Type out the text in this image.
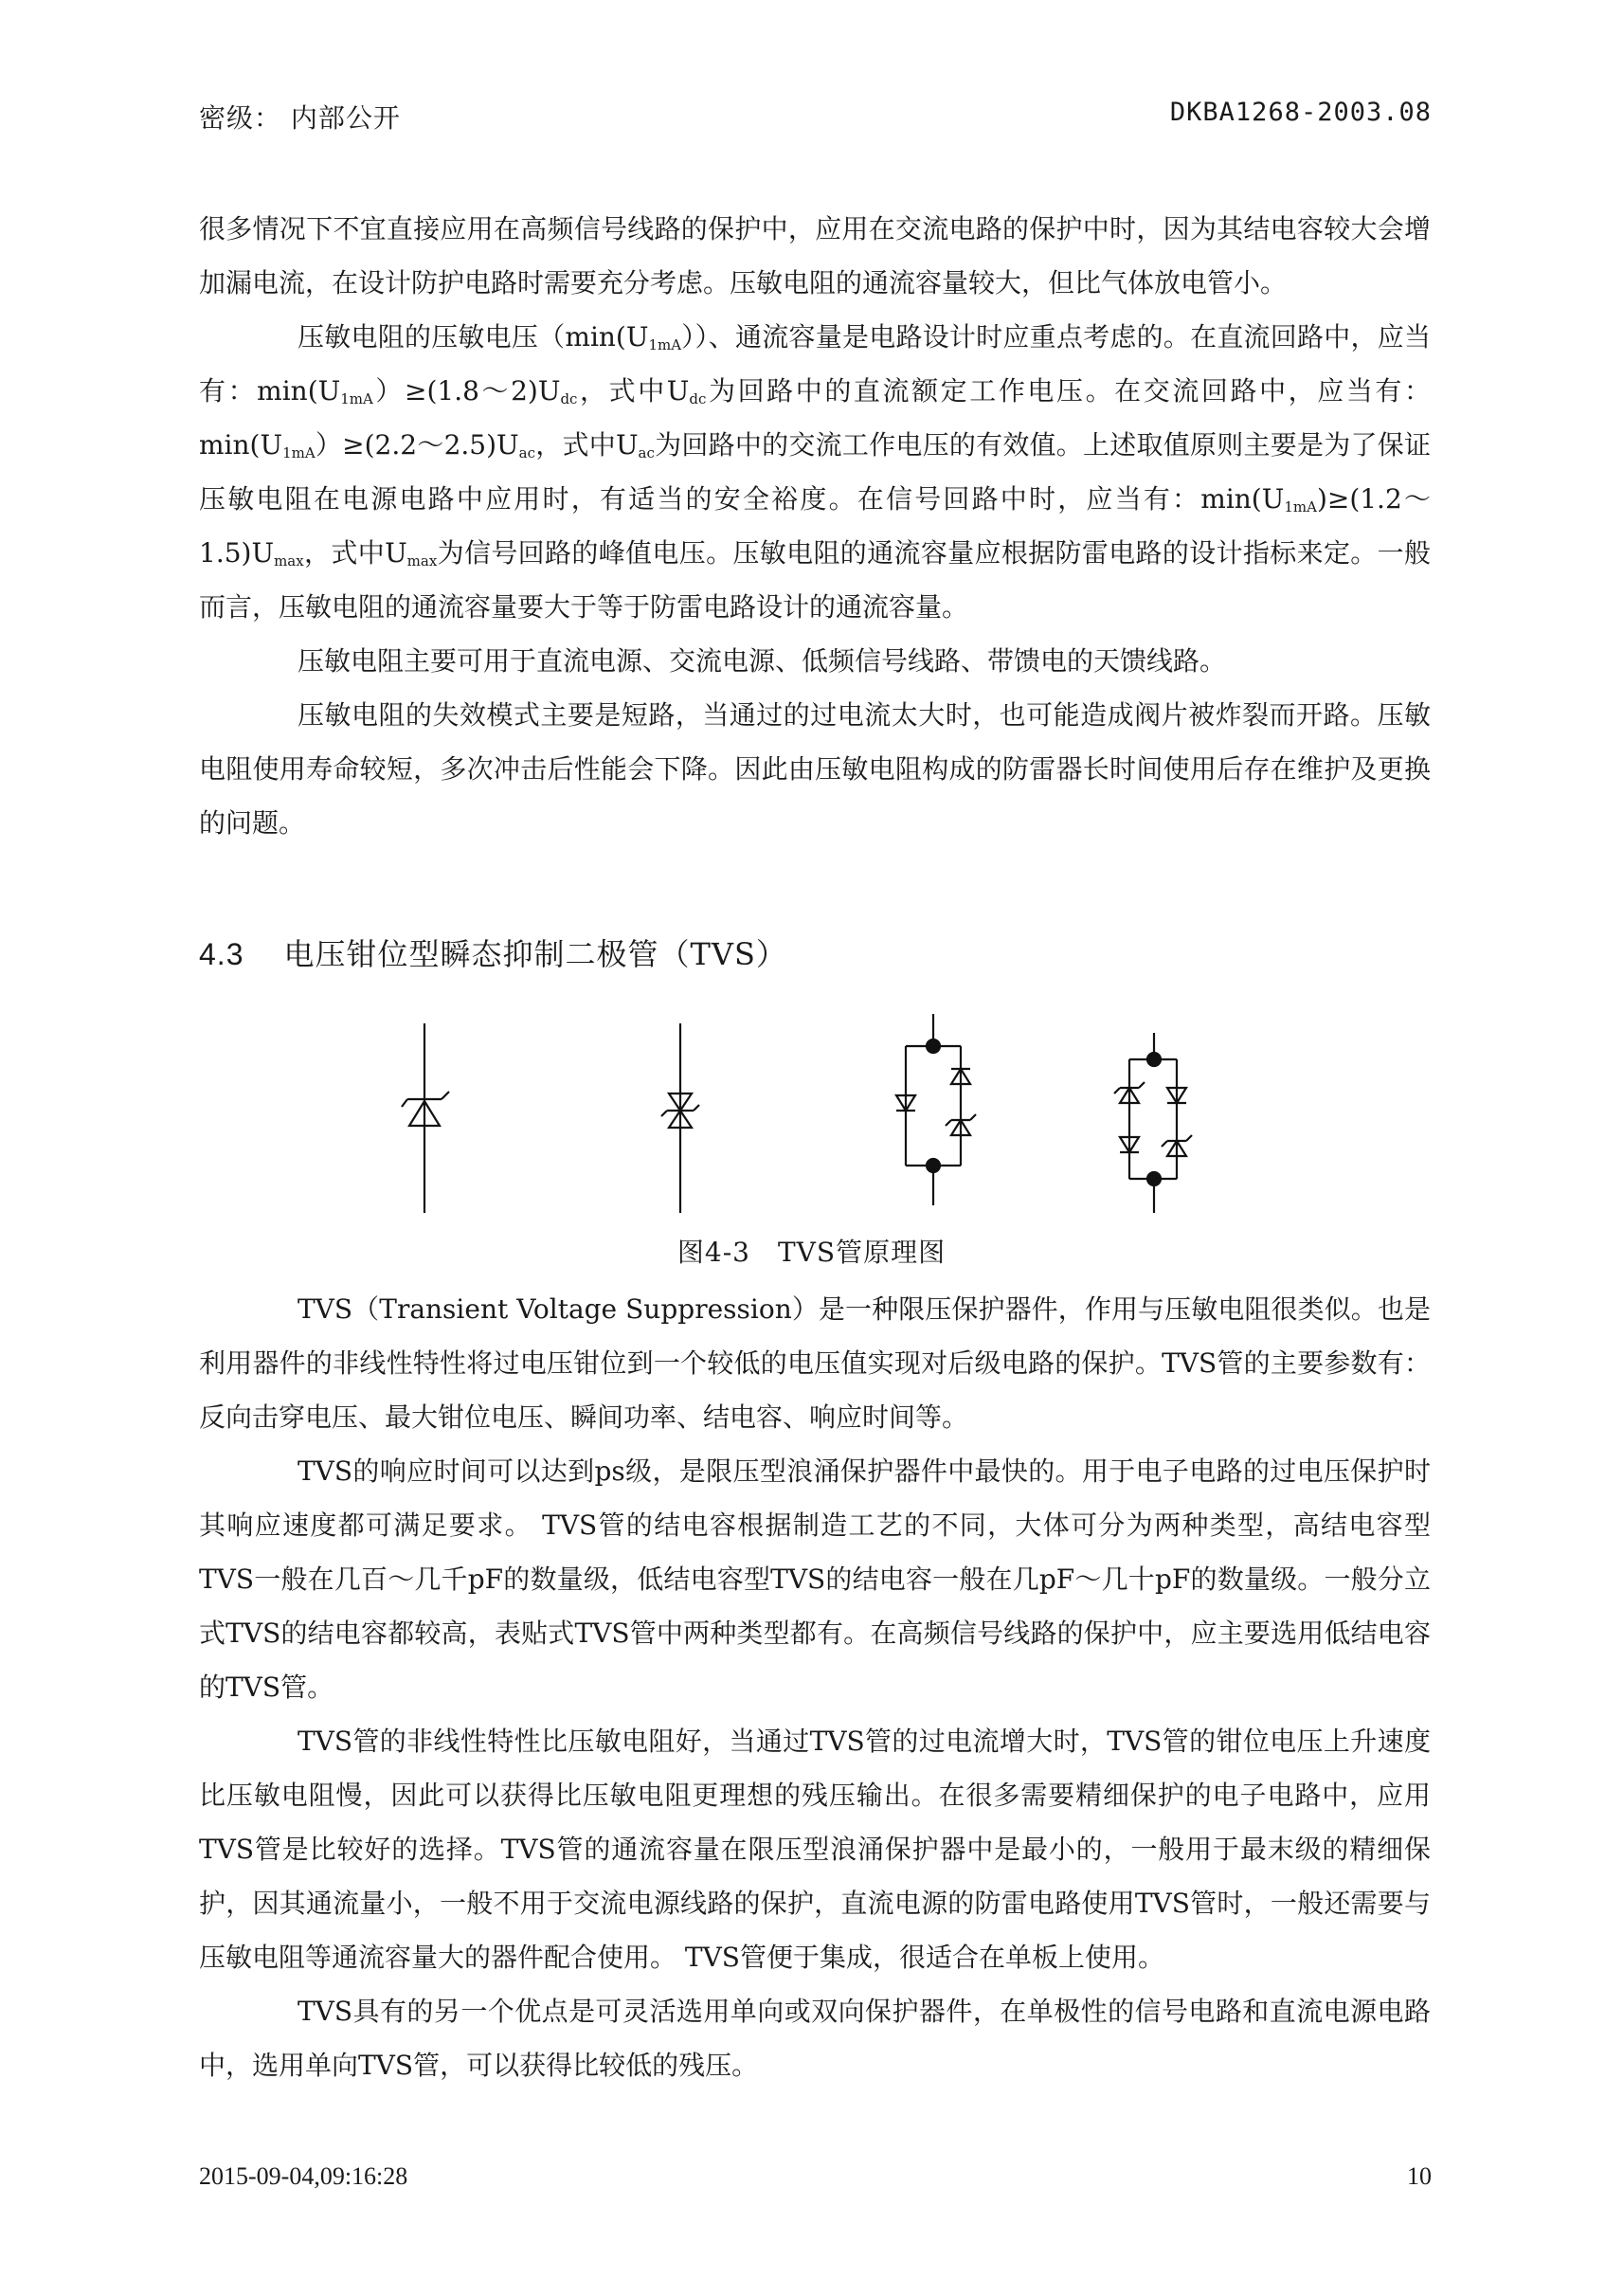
密级： 内部公开	DKBA1268-2003.08

很多情况下不宜直接应用在高频信号线路的保护中，应用在交流电路的保护中时，因为其结电容较大会增加漏电流，在设计防护电路时需要充分考虑。压敏电阻的通流容量较大，但比气体放电管小。

压敏电阻的压敏电压$(\min(U_{1mA}))$、通流容量是电路设计时应重点考虑的。在直流回路中，应当有：$\min(U_{1mA})\ge(1.8\sim 2)U_{dc}$，式中$U_{dc}$为回路中的直流额定工作电压。在交流回路中，应当有：$\min(U_{1mA})\ge(2.2\sim 2.5)U_{ac}$，式中$U_{ac}$为回路中的交流工作电压的有效值。上述取值原则主要是为了保证压敏电阻在电源电路中应用时，有适当的安全裕度。在信号回路中时，应当有：$\min(U_{1mA})\ge(1.2\sim 1.5)U_{max}$，式中$U_{max}$为信号回路的峰值电压。压敏电阻的通流容量应根据防雷电路的设计指标来定。一般而言，压敏电阻的通流容量要大于等于防雷电路设计的通流容量。

压敏电阻主要可用于直流电源、交流电源、低频信号线路、带馈电的天馈线路。

压敏电阻的失效模式主要是短路，当通过的过电流太大时，也可能造成阀片被炸裂而开路。压敏电阻使用寿命较短，多次冲击后性能会下降。因此由压敏电阻构成的防雷器长时间使用后存在维护及更换的问题。

4.3 电压钳位型瞬态抑制二极管（TVS）
图4-3　TVS管原理图

TVS（Transient Voltage Suppression）是一种限压保护器件，作用与压敏电阻很类似。也是利用器件的非线性特性将过电压钳位到一个较低的电压值实现对后级电路的保护。TVS管的主要参数有：反向击穿电压、最大钳位电压、瞬间功率、结电容、响应时间等。

TVS的响应时间可以达到ps级，是限压型浪涌保护器件中最快的。用于电子电路的过电压保护时其响应速度都可满足要求。 TVS管的结电容根据制造工艺的不同，大体可分为两种类型，高结电容型TVS一般在几百～几千pF的数量级，低结电容型TVS的结电容一般在几pF～几十pF的数量级。一般分立式TVS的结电容都较高，表贴式TVS管中两种类型都有。在高频信号线路的保护中，应主要选用低结电容的TVS管。

TVS管的非线性特性比压敏电阻好，当通过TVS管的过电流增大时，TVS管的钳位电压上升速度比压敏电阻慢，因此可以获得比压敏电阻更理想的残压输出。在很多需要精细保护的电子电路中，应用TVS管是比较好的选择。TVS管的通流容量在限压型浪涌保护器中是最小的，一般用于最末级的精细保护，因其通流量小，一般不用于交流电源线路的保护，直流电源的防雷电路使用TVS管时，一般还需要与压敏电阻等通流容量大的器件配合使用。 TVS管便于集成，很适合在单板上使用。

TVS具有的另一个优点是可灵活选用单向或双向保护器件，在单极性的信号电路和直流电源电路中，选用单向TVS管，可以获得比较低的残压。

2015-09-04,09:16:28	10
